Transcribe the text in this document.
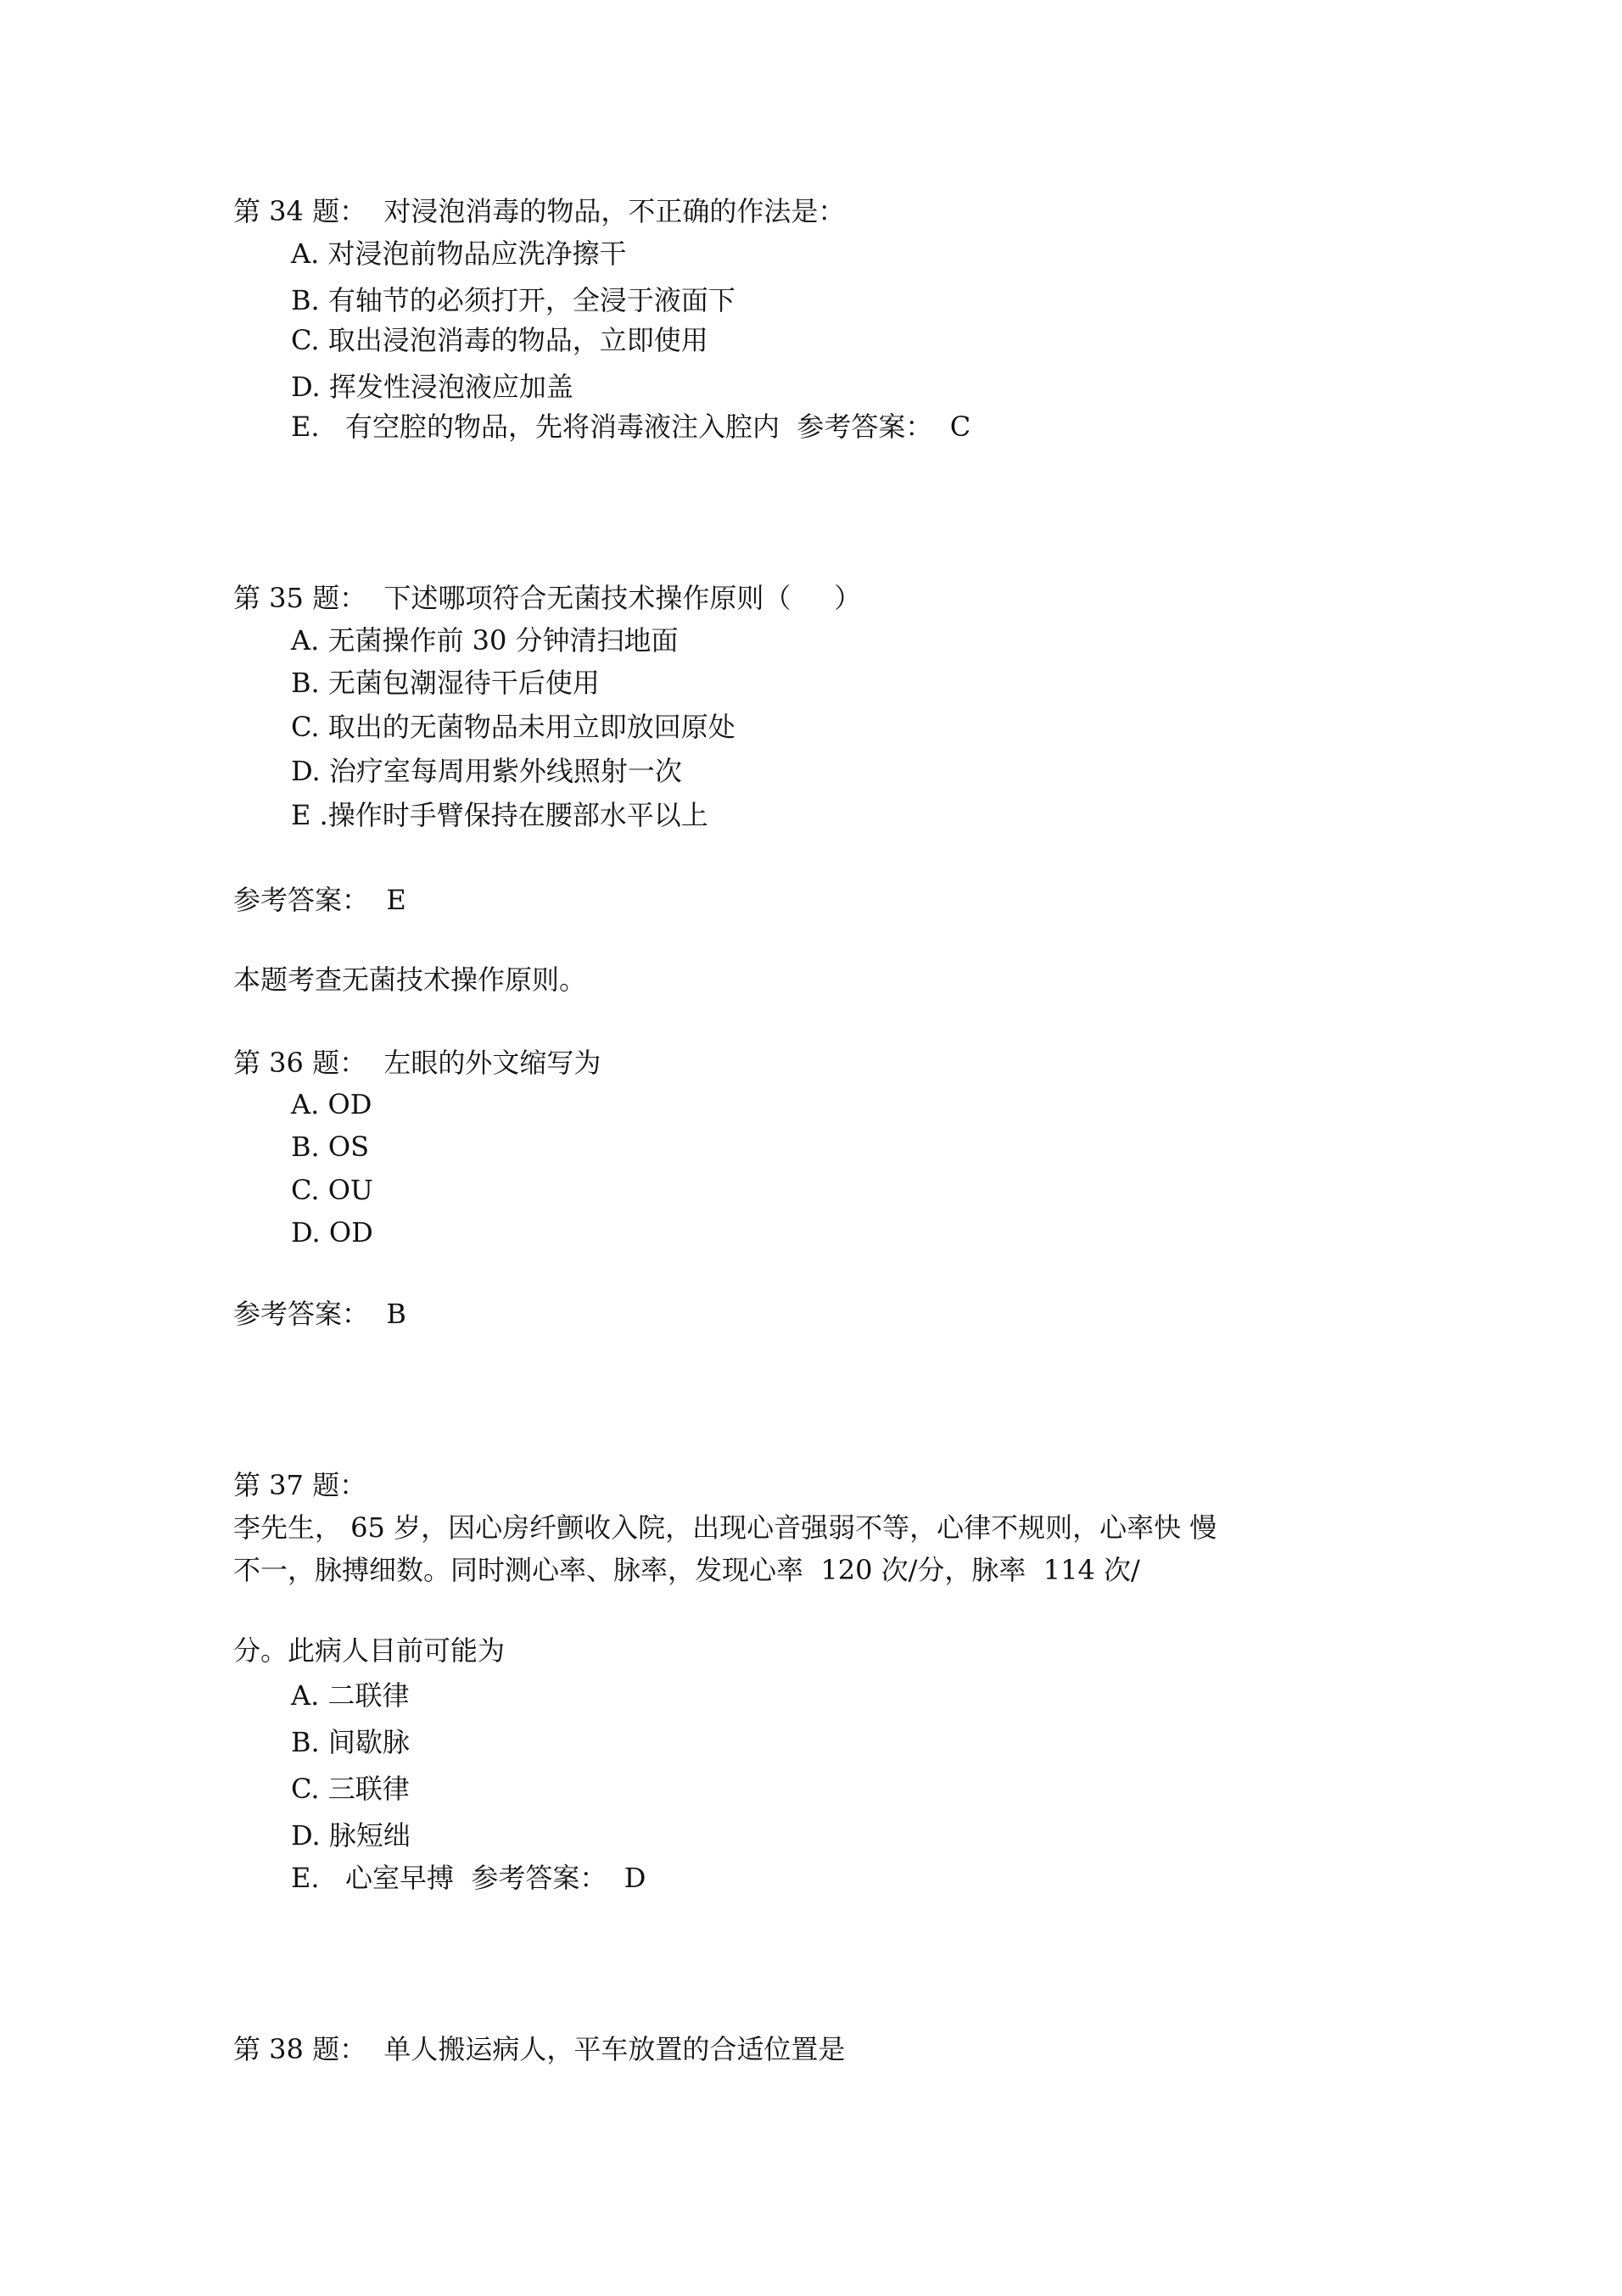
第 34 题：  对浸泡消毒的物品，不正确的作法是：

A. 对浸泡前物品应洗净擦干

B. 有轴节的必须打开，全浸于液面下

C. 取出浸泡消毒的物品，立即使用

D. 挥发性浸泡液应加盖

E.   有空腔的物品，先将消毒液注入腔内  参考答案：  C

第 35 题：  下述哪项符合无菌技术操作原则（     ）

A. 无菌操作前 30 分钟清扫地面

B. 无菌包潮湿待干后使用

C. 取出的无菌物品未用立即放回原处

D. 治疗室每周用紫外线照射一次

E .操作时手臂保持在腰部水平以上

参考答案：  E

本题考查无菌技术操作原则。

第 36 题：  左眼的外文缩写为

A. OD

B. OS

C. OU

D. OD

参考答案：  B

第 37 题：

李先生， 65 岁，因心房纤颤收入院，出现心音强弱不等，心律不规则，心率快 慢

不一，脉搏细数。同时测心率、脉率，发现心率  120 次/分，脉率  114 次/

分。此病人目前可能为

A. 二联律

B. 间歇脉

C. 三联律

D. 脉短绌

E.   心室早搏  参考答案：  D

第 38 题：  单人搬运病人，平车放置的合适位置是
